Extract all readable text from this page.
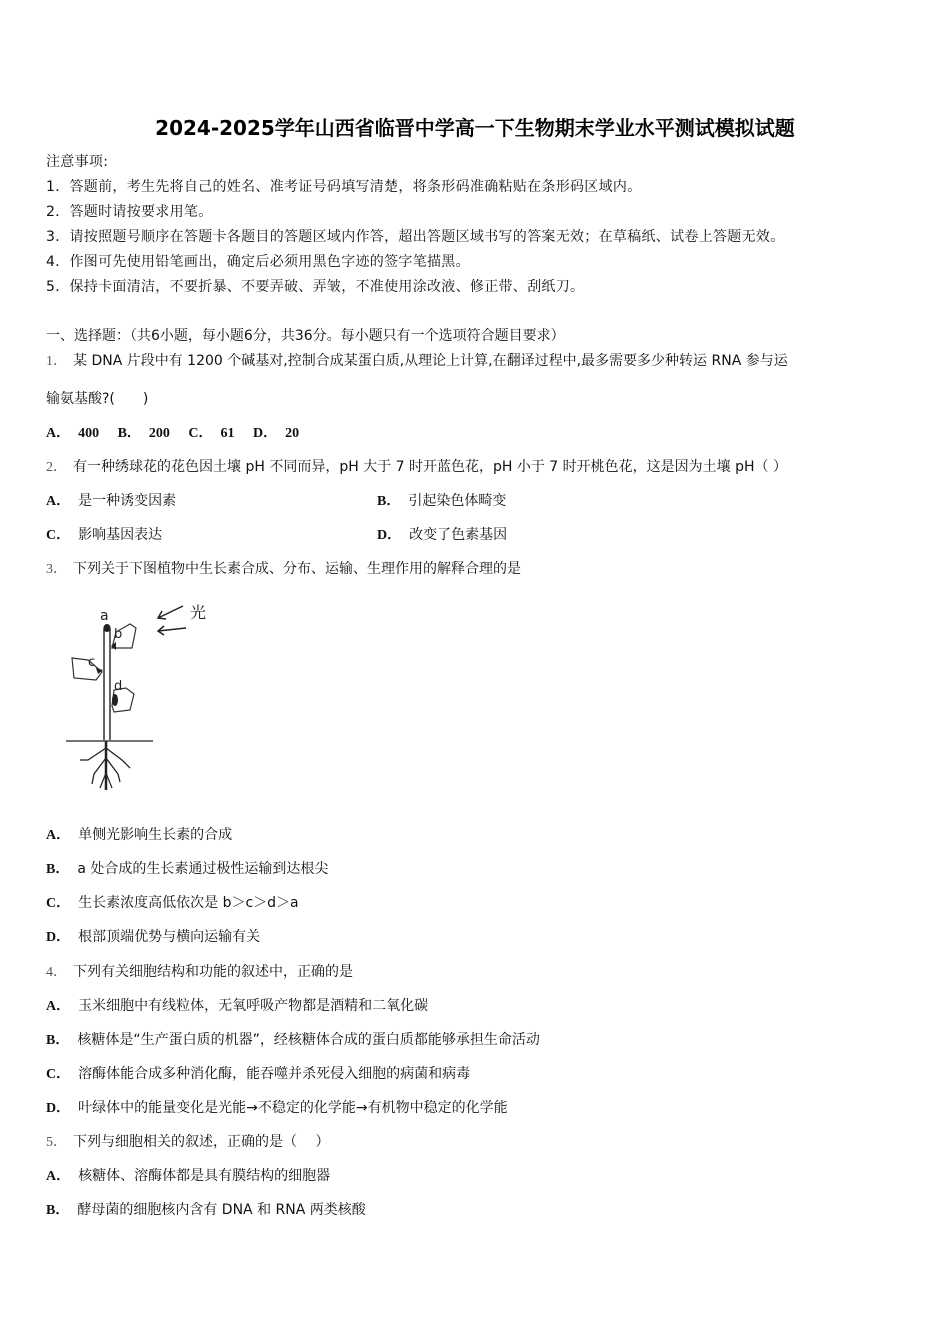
2024-2025学年山西省临晋中学高一下生物期末学业水平测试模拟试题
注意事项:
1．答题前，考生先将自己的姓名、准考证号码填写清楚，将条形码准确粘贴在条形码区域内。
2．答题时请按要求用笔。
3．请按照题号顺序在答题卡各题目的答题区域内作答，超出答题区域书写的答案无效；在草稿纸、试卷上答题无效。
4．作图可先使用铅笔画出，确定后必须用黑色字迹的签字笔描黑。
5．保持卡面清洁，不要折暴、不要弄破、弄皱，不准使用涂改液、修正带、刮纸刀。
一、选择题：（共6小题，每小题6分，共36分。每小题只有一个选项符合题目要求）
1． 某 DNA 片段中有 1200 个碱基对,控制合成某蛋白质,从理论上计算,在翻译过程中,最多需要多少种转运 RNA 参与运
输氨基酸?(　　)
A． 400 B． 200 C． 61 D． 20
2． 有一种绣球花的花色因土壤 pH 不同而异，pH 大于 7 时开蓝色花，pH 小于 7 时开桃色花，这是因为土壤 pH（ ）
A． 是一种诱变因素	B． 引起染色体畸变
C． 影响基因表达	D． 改变了色素基因
3． 下列关于下图植物中生长素合成、分布、运输、生理作用的解释合理的是
光
a
b
c
d
A． 单侧光影响生长素的合成
B． a 处合成的生长素通过极性运输到达根尖
C． 生长素浓度高低依次是 b＞c＞d＞a
D． 根部顶端优势与横向运输有关
4． 下列有关细胞结构和功能的叙述中，正确的是
A． 玉米细胞中有线粒体，无氧呼吸产物都是酒精和二氧化碳
B． 核糖体是“生产蛋白质的机器”，经核糖体合成的蛋白质都能够承担生命活动
C． 溶酶体能合成多种消化酶，能吞噬并杀死侵入细胞的病菌和病毒
D． 叶绿体中的能量变化是光能→不稳定的化学能→有机物中稳定的化学能
5． 下列与细胞相关的叙述，正确的是（　 ）
A． 核糖体、溶酶体都是具有膜结构的细胞器
B． 酵母菌的细胞核内含有 DNA 和 RNA 两类核酸
